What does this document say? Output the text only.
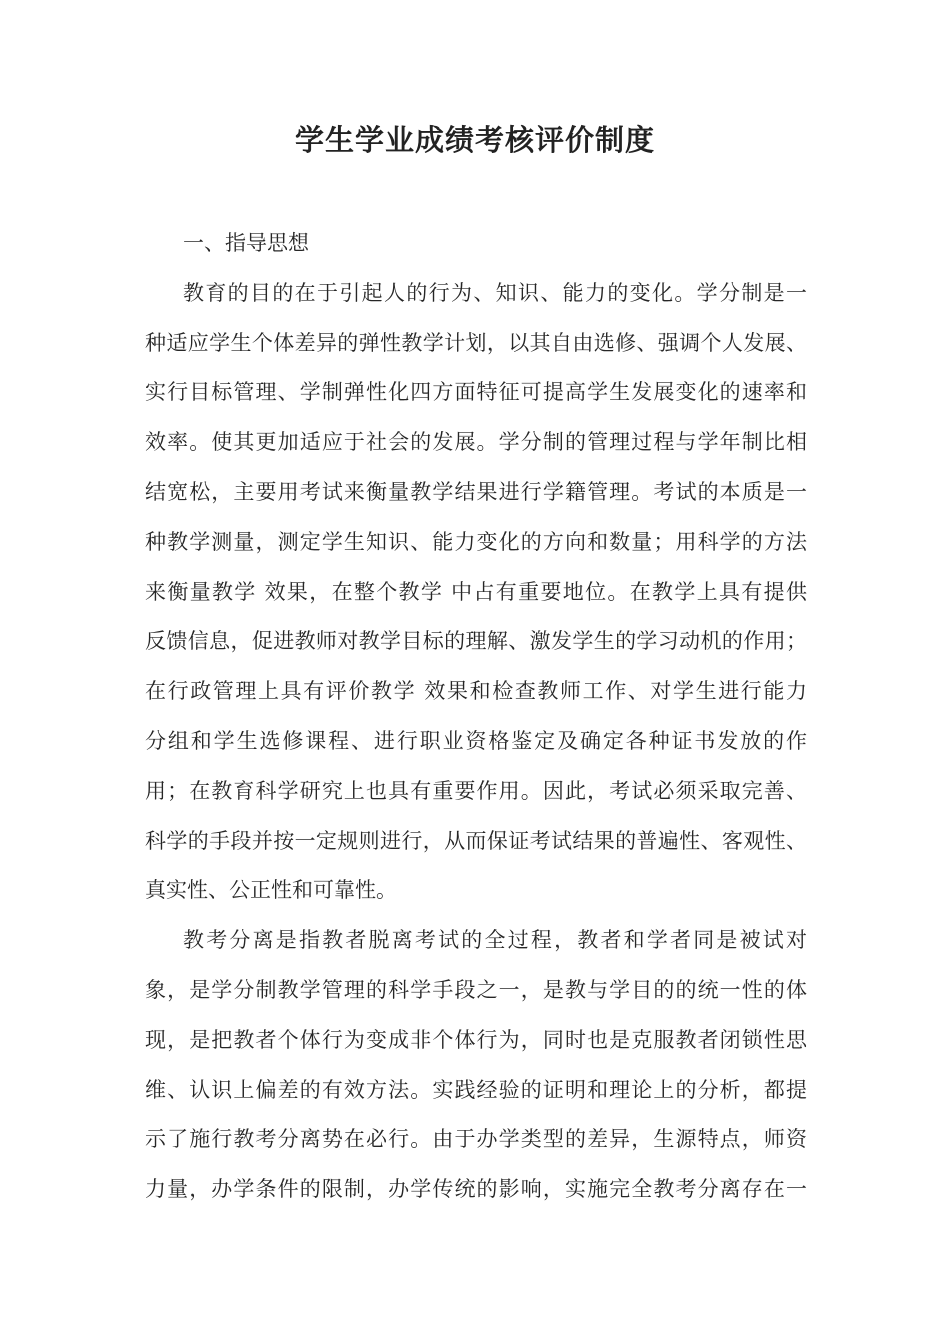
学生学业成绩考核评价制度
一、指导思想
教育的目的在于引起人的行为、知识、能力的变化。学分制是一
种适应学生个体差异的弹性教学计划，以其自由选修、强调个人发展、
实行目标管理、学制弹性化四方面特征可提高学生发展变化的速率和
效率。使其更加适应于社会的发展。学分制的管理过程与学年制比相
结宽松，主要用考试来衡量教学结果进行学籍管理。考试的本质是一
种教学测量，测定学生知识、能力变化的方向和数量；用科学的方法
来衡量教学 效果，在整个教学 中占有重要地位。在教学上具有提供
反馈信息，促进教师对教学目标的理解、激发学生的学习动机的作用；
在行政管理上具有评价教学 效果和检查教师工作、对学生进行能力
分组和学生选修课程、进行职业资格鉴定及确定各种证书发放的作
用；在教育科学研究上也具有重要作用。因此，考试必须采取完善、
科学的手段并按一定规则进行，从而保证考试结果的普遍性、客观性、
真实性、公正性和可靠性。
教考分离是指教者脱离考试的全过程，教者和学者同是被试对
象，是学分制教学管理的科学手段之一，是教与学目的的统一性的体
现，是把教者个体行为变成非个体行为，同时也是克服教者闭锁性思
维、认识上偏差的有效方法。实践经验的证明和理论上的分析，都提
示了施行教考分离势在必行。由于办学类型的差异，生源特点，师资
力量，办学条件的限制，办学传统的影响，实施完全教考分离存在一
